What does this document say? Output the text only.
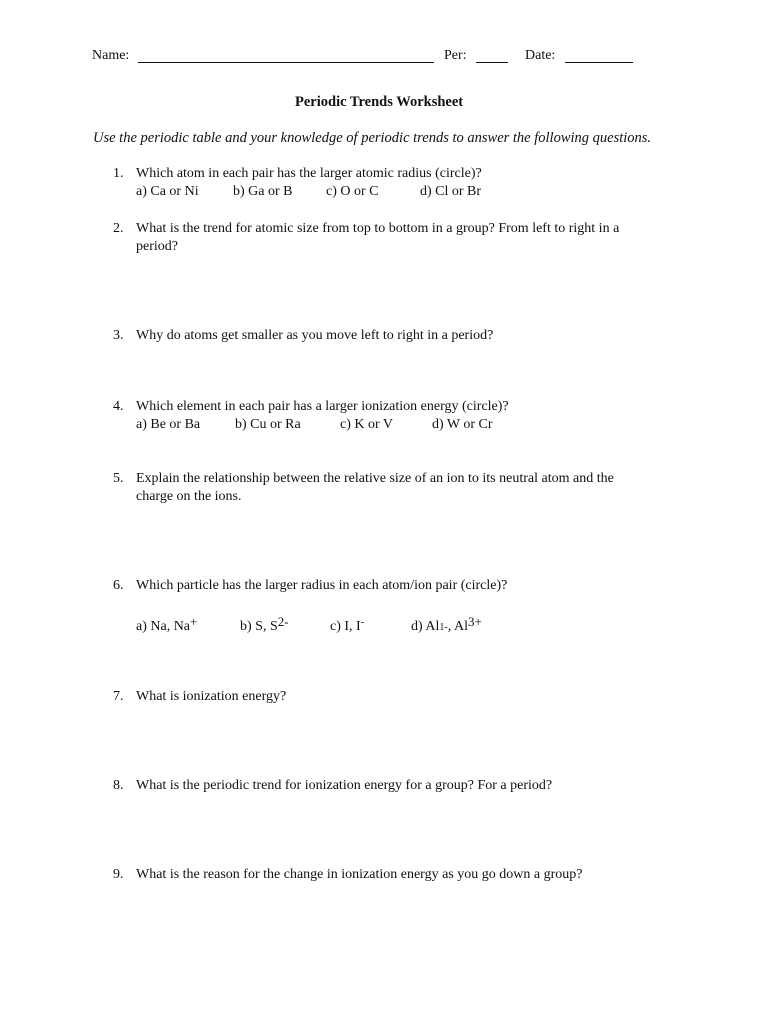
Name:	Per:	Date:
Periodic Trends Worksheet
Use the periodic table and your knowledge of periodic trends to answer the following questions.
1. Which atom in each pair has the larger atomic radius (circle)?
a) Ca or Ni b) Ga or B c) O or C	d) Cl or Br
2. What is the trend for atomic size from top to bottom in a group? From left to right in a
period?
3. Why do atoms get smaller as you move left to right in a period?
4. Which element in each pair has a larger ionization energy (circle)?
a) Be or Ba b) Cu or Ra	c) K or V	d) W or Cr
5. Explain the relationship between the relative size of an ion to its neutral atom and the
charge on the ions.
6. Which particle has the larger radius in each atom/ion pair (circle)?
a) Na, Na+	b) S, S2-	c) I, I-	d) Al1-, Al3+
7. What is ionization energy?
8. What is the periodic trend for ionization energy for a group? For a period?
9. What is the reason for the change in ionization energy as you go down a group?
